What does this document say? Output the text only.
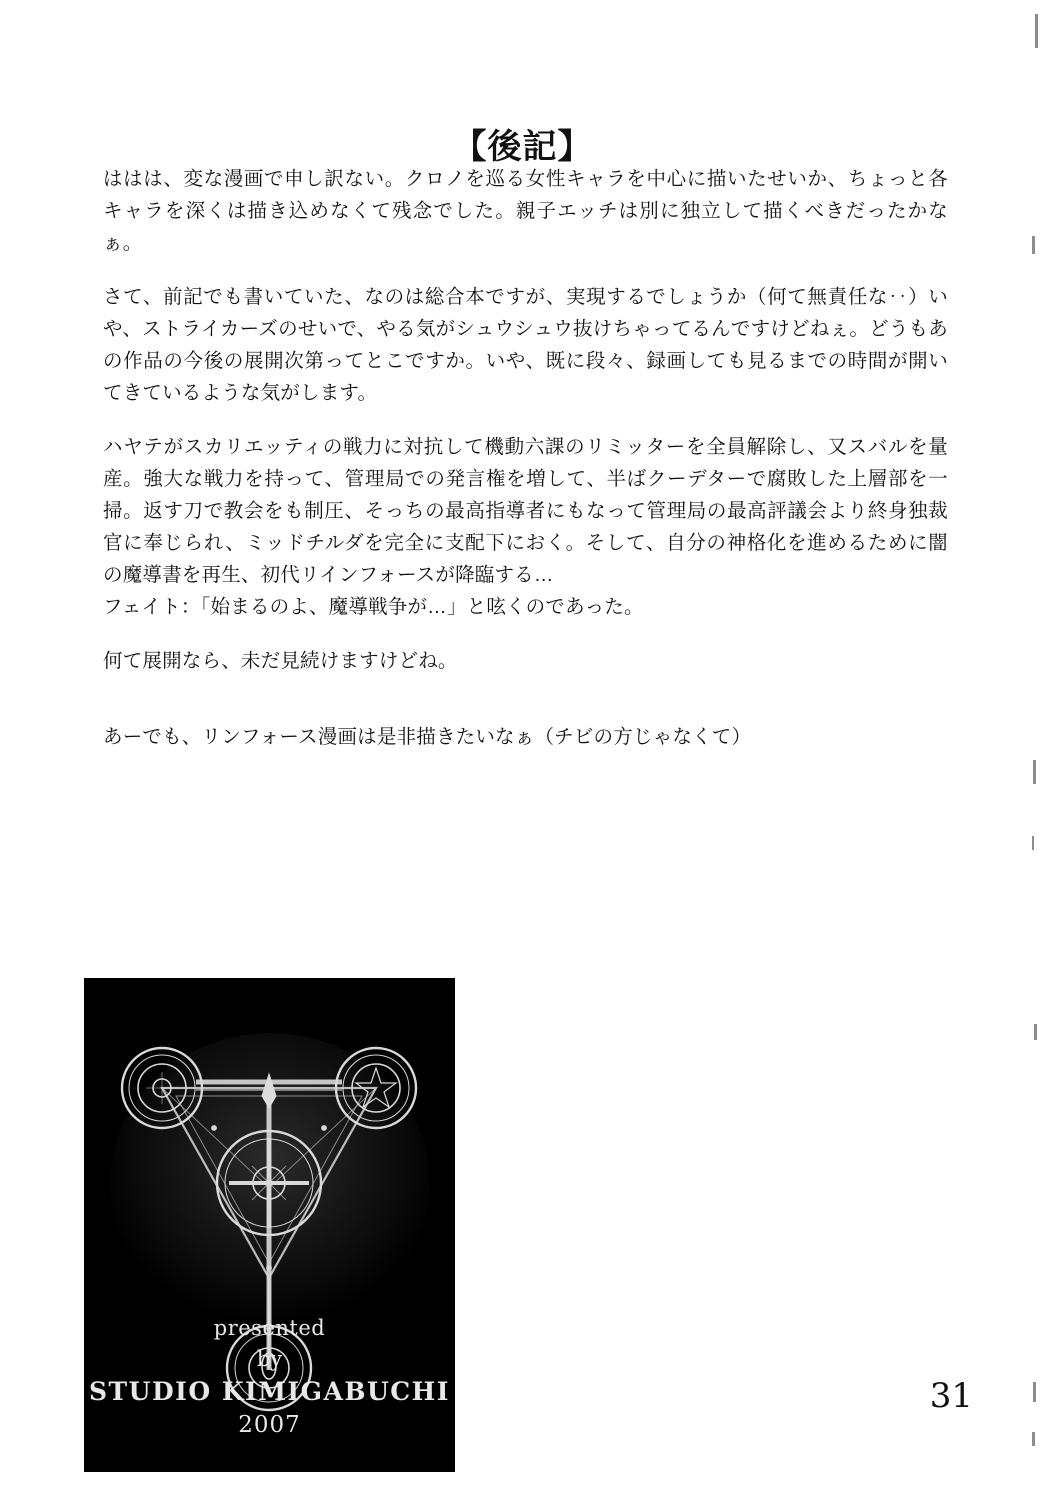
【後記】

ははは、変な漫画で申し訳ない。クロノを巡る女性キャラを中心に描いたせいか、ちょっと各キャラを深くは描き込めなくて残念でした。親子エッチは別に独立して描くべきだったかなぁ。

さて、前記でも書いていた、なのは総合本ですが、実現するでしょうか（何て無責任な‥）いや、ストライカーズのせいで、やる気がシュウシュウ抜けちゃってるんですけどねぇ。どうもあの作品の今後の展開次第ってとこですか。いや、既に段々、録画しても見るまでの時間が開いてきているような気がします。

ハヤテがスカリエッティの戦力に対抗して機動六課のリミッターを全員解除し、又スバルを量産。強大な戦力を持って、管理局での発言権を増して、半ばクーデターで腐敗した上層部を一掃。返す刀で教会をも制圧、そっちの最高指導者にもなって管理局の最高評議会より終身独裁官に奉じられ、ミッドチルダを完全に支配下におく。そして、自分の神格化を進めるために闇の魔導書を再生、初代リインフォースが降臨する…

フェイト：「始まるのよ、魔導戦争が…」と呟くのであった。

何て展開なら、未だ見続けますけどね。

あーでも、リンフォース漫画は是非描きたいなぁ（チビの方じゃなくて）

presented
by
STUDIO KIMIGABUCHI
2007
31
